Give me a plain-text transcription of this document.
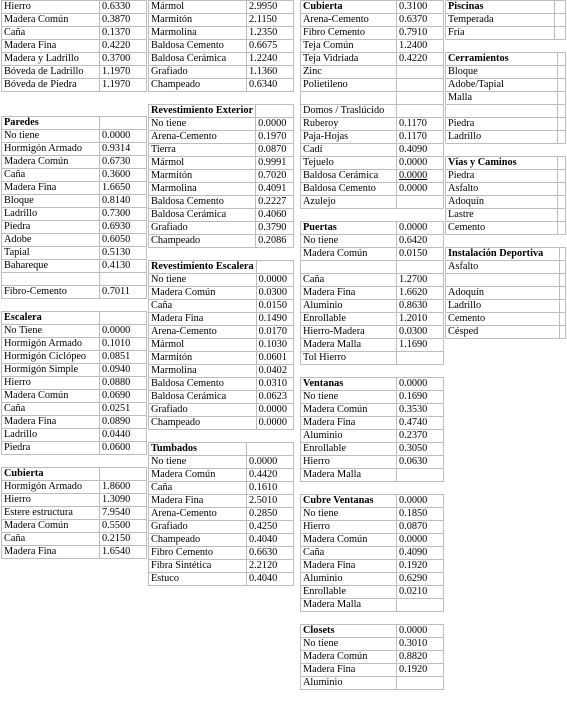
Hierro	0.6330
Madera Común	0.3870
Caña	0.1370
Madera Fina	0.4220
Madera y Ladrillo	0.3700
Bóveda de Ladrillo	1.1970
Bóveda de Piedra	1.1970

Paredes	
No tiene	0.0000
Hormigón Armado	0.9314
Madera Común	0.6730
Caña	0.3600
Madera Fina	1.6650
Bloque	0.8140
Ladrillo	0.7300
Piedra	0.6930
Adobe	0.6050
Tapial	0.5130
Bahareque	0.4130

Fibro-Cemento	0.7011

Escalera	
No Tiene	0.0000
Hormigón Armado	0.1010
Hormigón Ciclópeo	0.0851
Hormigón Simple	0.0940
Hierro	0.0880
Madera Común	0.0690
Caña	0.0251
Madera Fina	0.0890
Ladrillo	0.0440
Piedra	0.0600

Cubierta	
Hormigón Armado	1.8600
Hierro	1.3090
Estere estructura	7.9540
Madera Común	0.5500
Caña	0.2150
Madera Fina	1.6540
Mármol	2.9950
Marmitón	2.1150
Marmolina	1.2350
Baldosa Cemento	0.6675
Baldosa Cerámica	1.2240
Grafiado	1.1360
Champeado	0.6340

Revestimiento Exterior	
No tiene	0.0000
Arena-Cemento	0.1970
Tierra	0.0870
Mármol	0.9991
Marmitón	0.7020
Marmolina	0.4091
Baldosa Cemento	0.2227
Baldosa Cerámica	0.4060
Grafiado	0.3790
Champeado	0.2086

Revestimiento Escalera	
No tiene	0.0000
Madera Común	0.0300
Caña	0.0150
Madera Fina	0.1490
Arena-Cemento	0.0170
Mármol	0.1030
Marmitón	0.0601
Marmolina	0.0402
Baldosa Cemento	0.0310
Baldosa Cerámica	0.0623
Grafiado	0.0000
Champeado	0.0000

Tumbados	
No tiene	0.0000
Madera Común	0.4420
Caña	0.1610
Madera Fina	2.5010
Arena-Cemento	0.2850
Grafiado	0.4250
Champeado	0.4040
Fibro Cemento	0.6630
Fibra Sintética	2.2120
Estuco	0.4040
Cubierta	0.3100
Arena-Cemento	0.6370
Fibro Cemento	0.7910
Teja Común	1.2400
Teja Vidriada	0.4220
Zinc	
Polietileno	

Domos / Traslúcido	
Ruberoy	0.1170
Paja-Hojas	0.1170
Cadí	0.4090
Tejuelo	0.0000
Baldosa Cerámica	0.0000
Baldosa Cemento	0.0000
Azulejo	

Puertas	0.0000
No tiene	0.6420
Madera Común	0.0150

Caña	1.2700
Madera Fina	1.6620
Aluminio	0.8630
Enrollable	1.2010
Hierro-Madera	0.0300
Madera Malla	1.1690
Tol Hierro	

Ventanas	0.0000
No tiene	0.1690
Madera Común	0.3530
Madera Fina	0.4740
Aluminio	0.2370
Enrollable	0.3050
Hierro	0.0630
Madera Malla	

Cubre Ventanas	0.0000
No tiene	0.1850
Hierro	0.0870
Madera Común	0.0000
Caña	0.4090
Madera Fina	0.1920
Aluminio	0.6290
Enrollable	0.0210
Madera Malla	

Closets	0.0000
No tiene	0.3010
Madera Común	0.8820
Madera Fina	0.1920
Aluminio	
Piscinas	
Temperada	
Fría	

Cerramientos	
Bloque	
Adobe/Tapial	
Malla	

Piedra	
Ladrillo	

Vías y Caminos	
Piedra	
Asfalto	
Adoquín	
Lastre	
Cemento	

Instalación Deportiva	
Asfalto	

Adoquín	
Ladrillo	
Cemento	
Césped	
